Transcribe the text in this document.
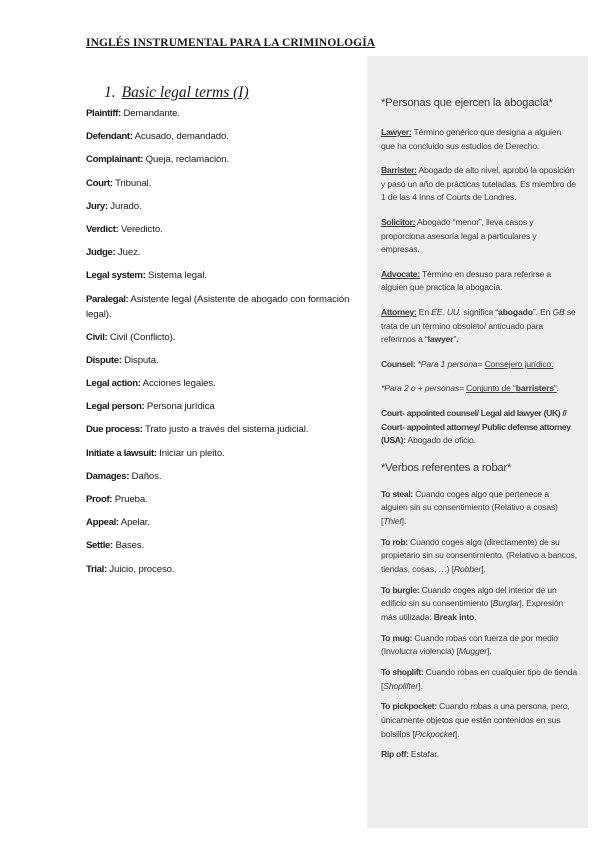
INGLÉS INSTRUMENTAL PARA LA CRIMINOLOGÍA
1. Basic legal terms (I)
Plaintiff: Demandante.
Defendant: Acusado, demandado.
Complainant: Queja, reclamación.
Court: Tribunal.
Jury: Jurado.
Verdict: Veredicto.
Judge: Juez.
Legal system: Sistema legal.
Paralegal: Asistente legal (Asistente de abogado con formación legal).
Civil: Civil (Conflicto).
Dispute: Disputa.
Legal action: Acciones legales.
Legal person: Persona jurídica
Due process: Trato justo a través del sistema judicial.
Initiate a lawsuit: Iniciar un pleito.
Damages: Daños.
Proof: Prueba.
Appeal: Apelar.
Settle: Bases.
Trial: Juicio, proceso.
*Personas que ejercen la abogacía*
Lawyer: Término genérico que designa a alguien que ha concluido sus estudios de Derecho.
Barrister: Abogado de alto nivel, aprobó la oposición y pasó un año de prácticas tuteladas. Es miembro de 1 de las 4 Inns of Courts de Londres.
Solicitor: Abogado “menor”, lleva casos y proporciona asesoría legal a particulares y empresas.
Advocate: Término en desuso para referirse a alguien que practica la abogacía.
Attorney: En EE. UU. significa “abogado”. En GB se trata de un término obsoleto/ anticuado para referirnos a “lawyer”.
Counsel: *Para 1 persona= Consejero jurídico.
*Para 2 o + personas= Conjunto de “barristers”.
Court- appointed counsel/ Legal aid lawyer (UK) // Court- appointed attorney/ Public defense attorney (USA): Abogado de oficio.
*Verbos referentes a robar*
To steal: Cuando coges algo que pertenece a alguien sin su consentimiento (Relativo a cosas) [Thief].
To rob: Cuando coges algo (directamente) de su propietario sin su consentimiento. (Relativo a bancos, tiendas, cosas, …) [Robber].
To burgle: Cuando coges algo del interior de un edificio sin su consentimiento [Burglar]. Expresión más utilizada: Break into.
To mug: Cuando robas con fuerza de por medio (Involucra violencia) [Mugger].
To shoplift: Cuando robas en cualquier tipo de tienda [Shoplifter].
To pickpocket: Cuando robas a una persona, pero, únicamente objetos que estén contenidos en sus bolsillos [Pickpocket].
Rip off: Estafar.
